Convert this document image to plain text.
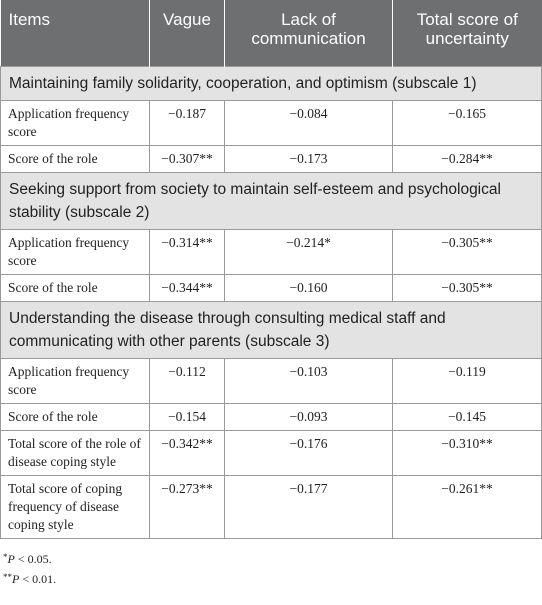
Items	Vague	Lack of communication	Total score of uncertainty
Maintaining family solidarity, cooperation, and optimism (subscale 1)			
Application frequency score	−0.187	−0.084	−0.165
Score of the role	−0.307**	−0.173	−0.284**
Seeking support from society to maintain self-esteem and psychological stability (subscale 2)			
Application frequency score	−0.314**	−0.214*	−0.305**
Score of the role	−0.344**	−0.160	−0.305**
Understanding the disease through consulting medical staff and communicating with other parents (subscale 3)			
Application frequency score	−0.112	−0.103	−0.119
Score of the role	−0.154	−0.093	−0.145
Total score of the role of disease coping style	−0.342**	−0.176	−0.310**
Total score of coping frequency of disease coping style	−0.273**	−0.177	−0.261**
*P < 0.05.
**P < 0.01.
